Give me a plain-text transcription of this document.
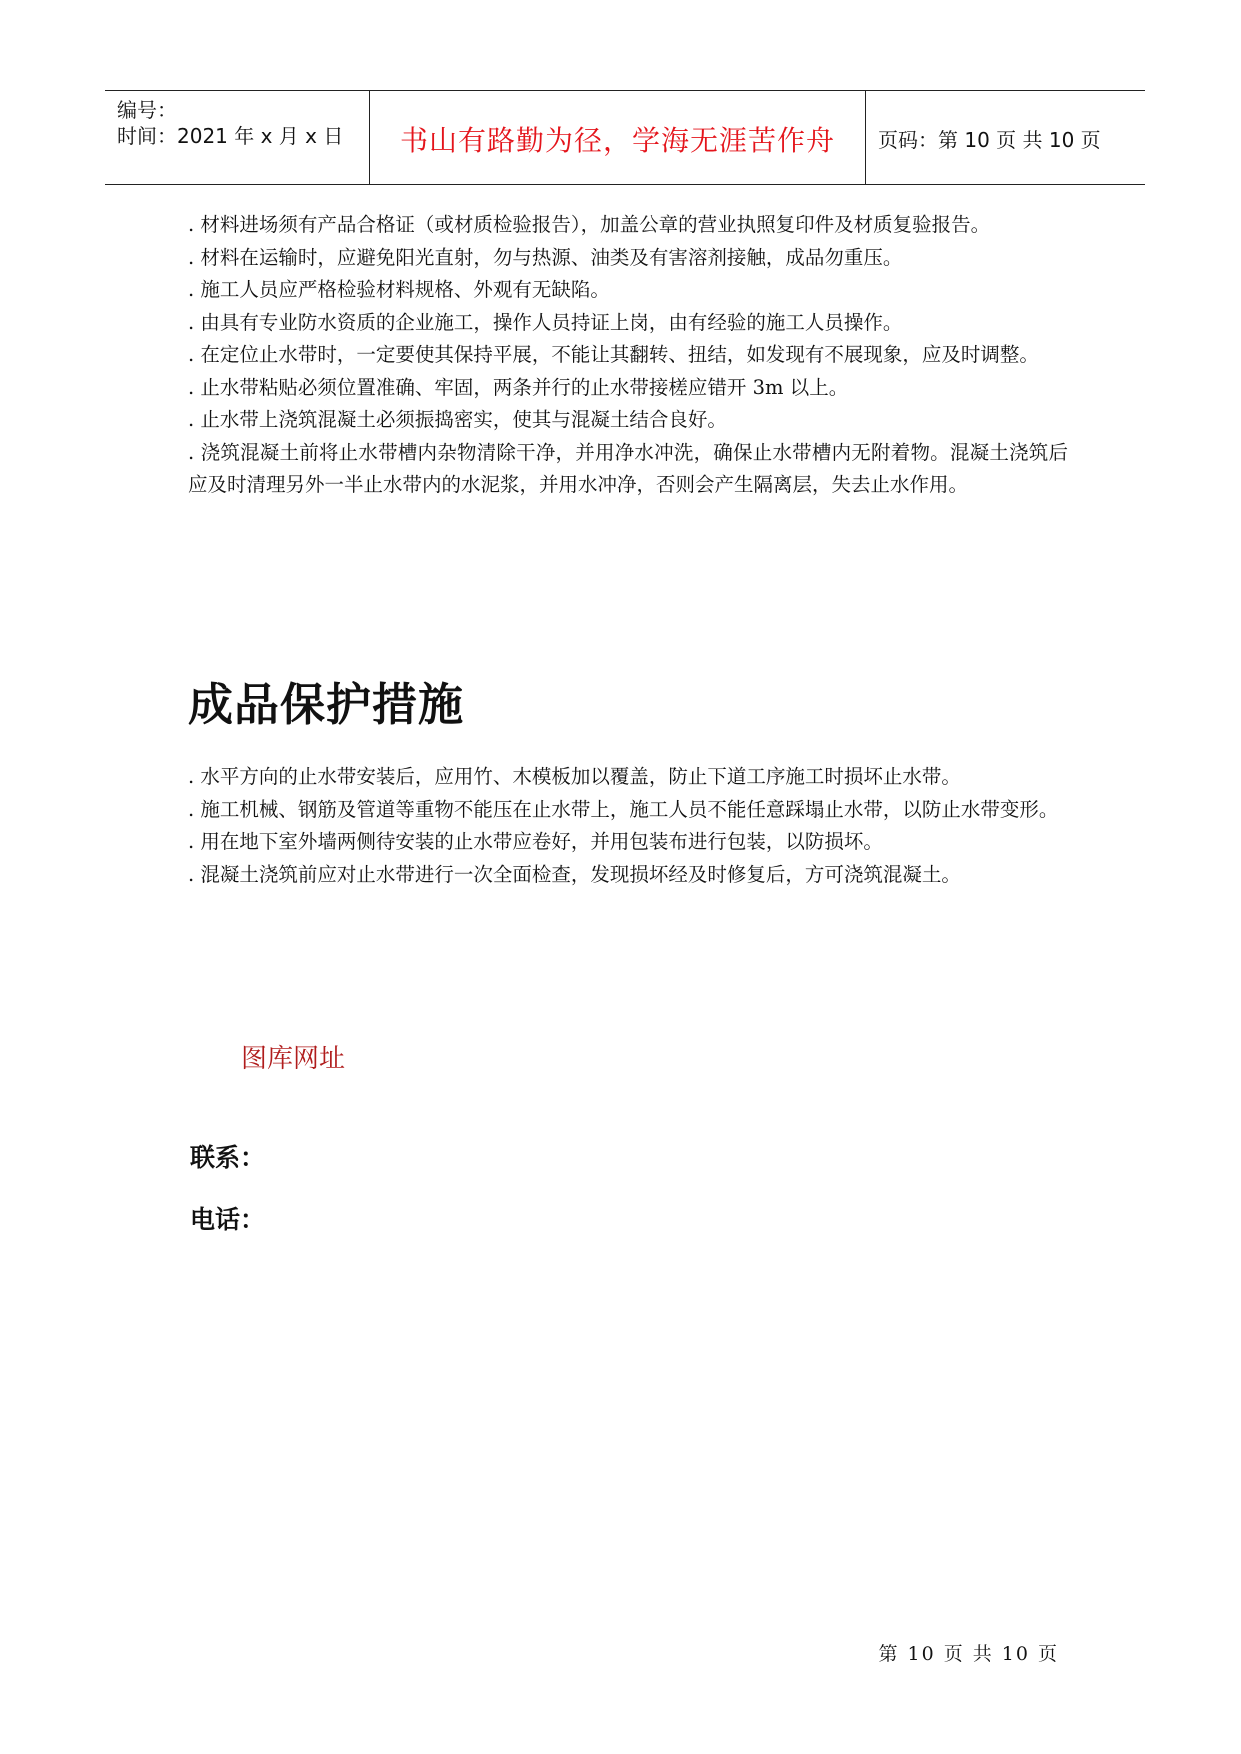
编号：
时间：2021 年 x 月 x 日	书山有路勤为径，学海无涯苦作舟	页码：第 10 页 共 10 页

. 材料进场须有产品合格证（或材质检验报告），加盖公章的营业执照复印件及材质复验报告。

. 材料在运输时，应避免阳光直射，勿与热源、油类及有害溶剂接触，成品勿重压。

. 施工人员应严格检验材料规格、外观有无缺陷。

. 由具有专业防水资质的企业施工，操作人员持证上岗，由有经验的施工人员操作。

. 在定位止水带时，一定要使其保持平展，不能让其翻转、扭结，如发现有不展现象，应及时调整。

. 止水带粘贴必须位置准确、牢固，两条并行的止水带接槎应错开 3m 以上。

. 止水带上浇筑混凝土必须振捣密实，使其与混凝土结合良好。

. 浇筑混凝土前将止水带槽内杂物清除干净，并用净水冲洗，确保止水带槽内无附着物。混凝土浇筑后应及时清理另外一半止水带内的水泥浆，并用水冲净，否则会产生隔离层，失去止水作用。

成品保护措施

. 水平方向的止水带安装后，应用竹、木模板加以覆盖，防止下道工序施工时损坏止水带。

. 施工机械、钢筋及管道等重物不能压在止水带上，施工人员不能任意踩塌止水带，以防止水带变形。

. 用在地下室外墙两侧待安装的止水带应卷好，并用包装布进行包装，以防损坏。

. 混凝土浇筑前应对止水带进行一次全面检查，发现损坏经及时修复后，方可浇筑混凝土。

图库网址
联系：
电话：
第 10 页 共 10 页
